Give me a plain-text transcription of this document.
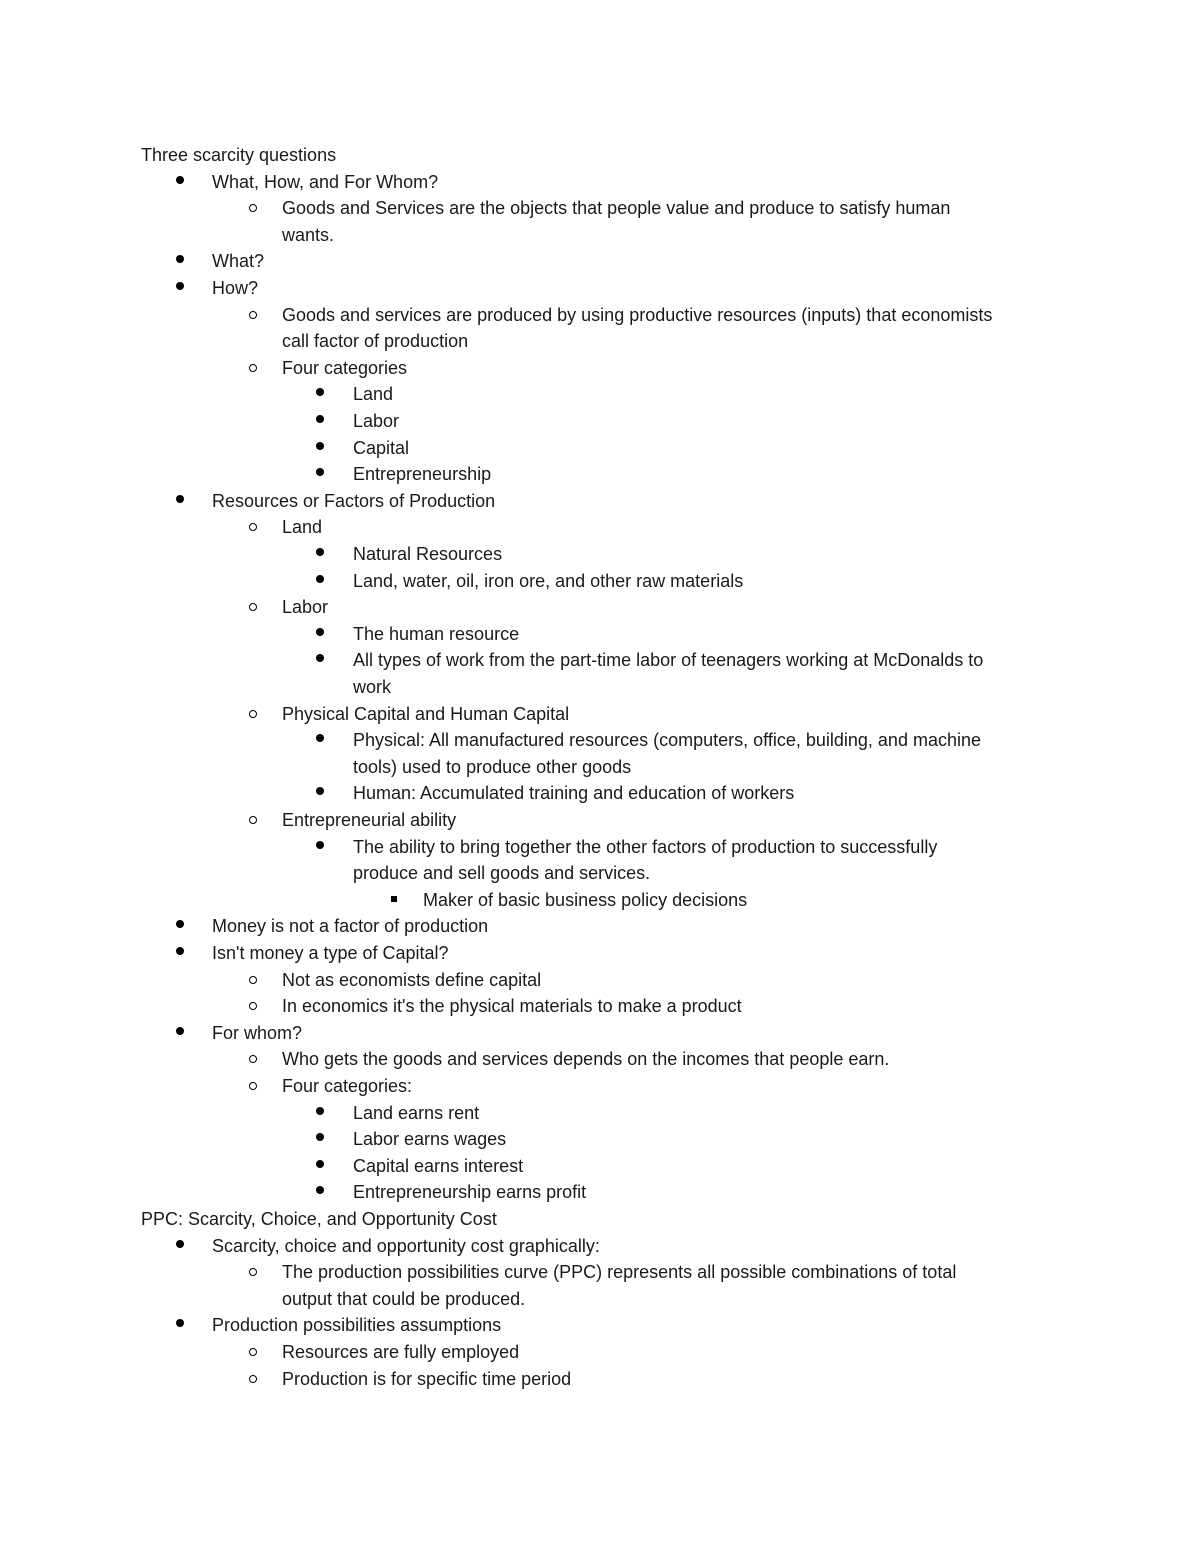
Three scarcity questions
What, How, and For Whom?
Goods and Services are the objects that people value and produce to satisfy human
wants.
What?
How?
Goods and services are produced by using productive resources (inputs) that economists
call factor of production
Four categories
Land
Labor
Capital
Entrepreneurship
Resources or Factors of Production
Land
Natural Resources
Land, water, oil, iron ore, and other raw materials
Labor
The human resource
All types of work from the part-time labor of teenagers working at McDonalds to
work
Physical Capital and Human Capital
Physical: All manufactured resources (computers, office, building, and machine
tools) used to produce other goods
Human: Accumulated training and education of workers
Entrepreneurial ability
The ability to bring together the other factors of production to successfully
produce and sell goods and services.
Maker of basic business policy decisions
Money is not a factor of production
Isn't money a type of Capital?
Not as economists define capital
In economics it's the physical materials to make a product
For whom?
Who gets the goods and services depends on the incomes that people earn.
Four categories:
Land earns rent
Labor earns wages
Capital earns interest
Entrepreneurship earns profit
PPC: Scarcity, Choice, and Opportunity Cost
Scarcity, choice and opportunity cost graphically:
The production possibilities curve (PPC) represents all possible combinations of total
output that could be produced.
Production possibilities assumptions
Resources are fully employed
Production is for specific time period
